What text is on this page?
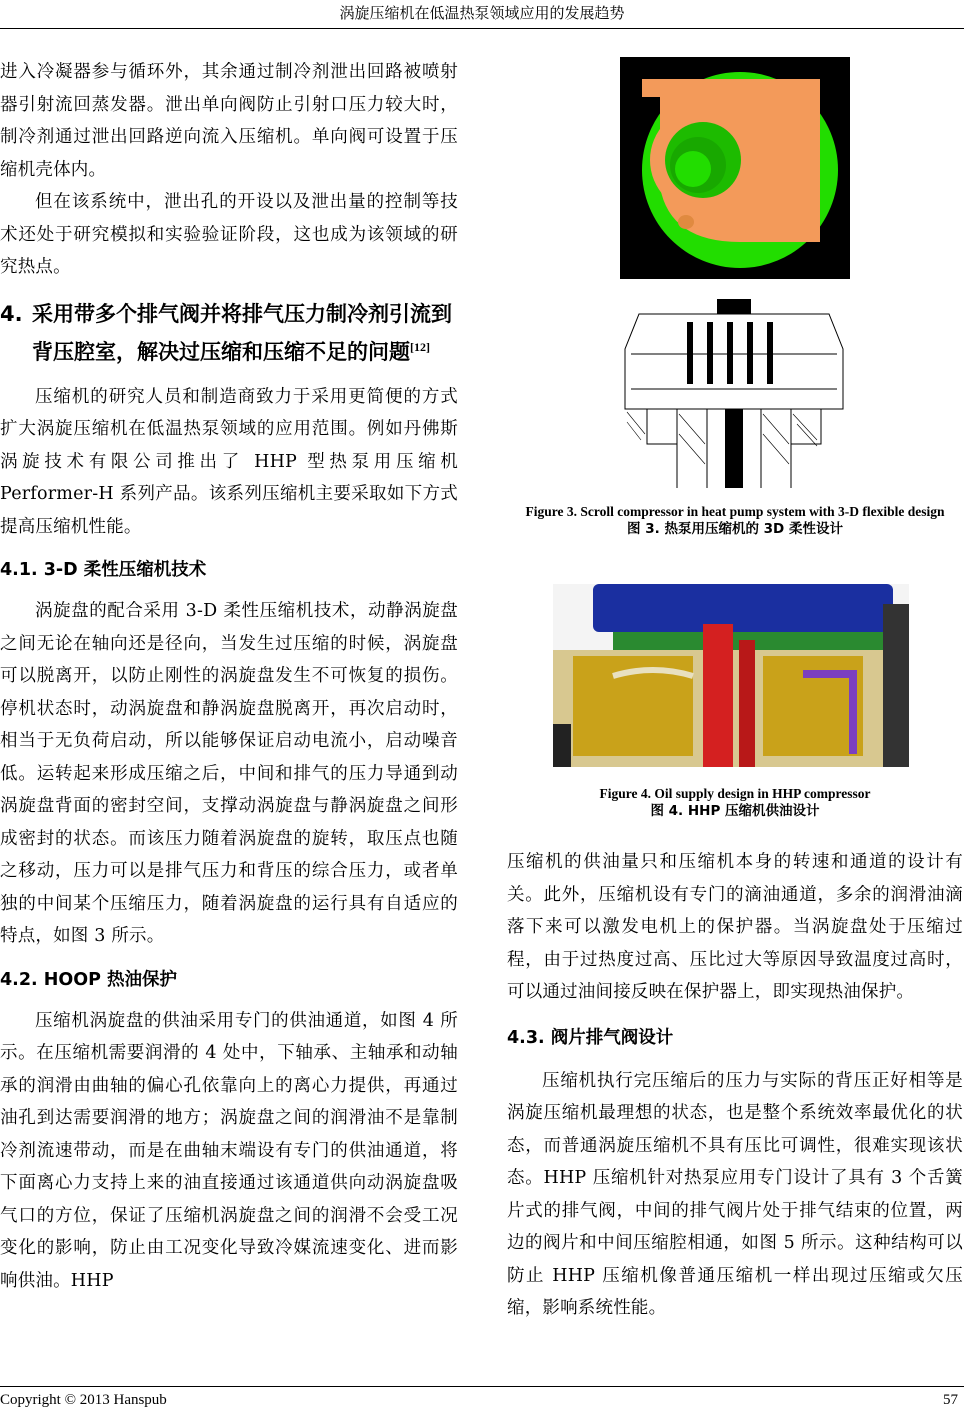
涡旋压缩机在低温热泵领域应用的发展趋势

进入冷凝器参与循环外，其余通过制冷剂泄出回路被喷射器引射流回蒸发器。泄出单向阀防止引射口压力较大时，制冷剂通过泄出回路逆向流入压缩机。单向阀可设置于压缩机壳体内。

但在该系统中，泄出孔的开设以及泄出量的控制等技术还处于研究模拟和实验验证阶段，这也成为该领域的研究热点。

4. 采用带多个排气阀并将排气压力制冷剂引流到背压腔室，解决过压缩和压缩不足的问题[12]

压缩机的研究人员和制造商致力于采用更简便的方式扩大涡旋压缩机在低温热泵领域的应用范围。例如丹佛斯涡旋技术有限公司推出了 HHP 型热泵用压缩机 Performer-H 系列产品。该系列压缩机主要采取如下方式提高压缩机性能。

4.1. 3-D 柔性压缩机技术

涡旋盘的配合采用 3-D 柔性压缩机技术，动静涡旋盘之间无论在轴向还是径向，当发生过压缩的时候，涡旋盘可以脱离开，以防止刚性的涡旋盘发生不可恢复的损伤。停机状态时，动涡旋盘和静涡旋盘脱离开，再次启动时，相当于无负荷启动，所以能够保证启动电流小，启动噪音低。运转起来形成压缩之后，中间和排气的压力导通到动涡旋盘背面的密封空间，支撑动涡旋盘与静涡旋盘之间形成密封的状态。而该压力随着涡旋盘的旋转，取压点也随之移动，压力可以是排气压力和背压的综合压力，或者单独的中间某个压缩压力，随着涡旋盘的运行具有自适应的特点，如图 3 所示。

4.2. HOOP 热油保护

压缩机涡旋盘的供油采用专门的供油通道，如图 4 所示。在压缩机需要润滑的 4 处中，下轴承、主轴承和动轴承的润滑由曲轴的偏心孔依靠向上的离心力提供，再通过油孔到达需要润滑的地方；涡旋盘之间的润滑油不是靠制冷剂流速带动，而是在曲轴末端设有专门的供油通道，将下面离心力支持上来的油直接通过该通道供向动涡旋盘吸气口的方位，保证了压缩机涡旋盘之间的润滑不会受工况变化的影响，防止由工况变化导致冷媒流速变化、进而影响供油。HHP

Figure 3. Scroll compressor in heat pump system with 3-D flexible design
图 3. 热泵用压缩机的 3D 柔性设计
Figure 4. Oil supply design in HHP compressor
图 4. HHP 压缩机供油设计

压缩机的供油量只和压缩机本身的转速和通道的设计有关。此外，压缩机设有专门的滴油通道，多余的润滑油滴落下来可以激发电机上的保护器。当涡旋盘处于压缩过程，由于过热度过高、压比过大等原因导致温度过高时，可以通过油间接反映在保护器上，即实现热油保护。

4.3. 阀片排气阀设计

压缩机执行完压缩后的压力与实际的背压正好相等是涡旋压缩机最理想的状态，也是整个系统效率最优化的状态，而普通涡旋压缩机不具有压比可调性，很难实现该状态。HHP 压缩机针对热泵应用专门设计了具有 3 个舌簧片式的排气阀，中间的排气阀片处于排气结束的位置，两边的阀片和中间压缩腔相通，如图 5 所示。这种结构可以防止 HHP 压缩机像普通压缩机一样出现过压缩或欠压缩，影响系统性能。

Copyright © 2013 Hanspub	57
